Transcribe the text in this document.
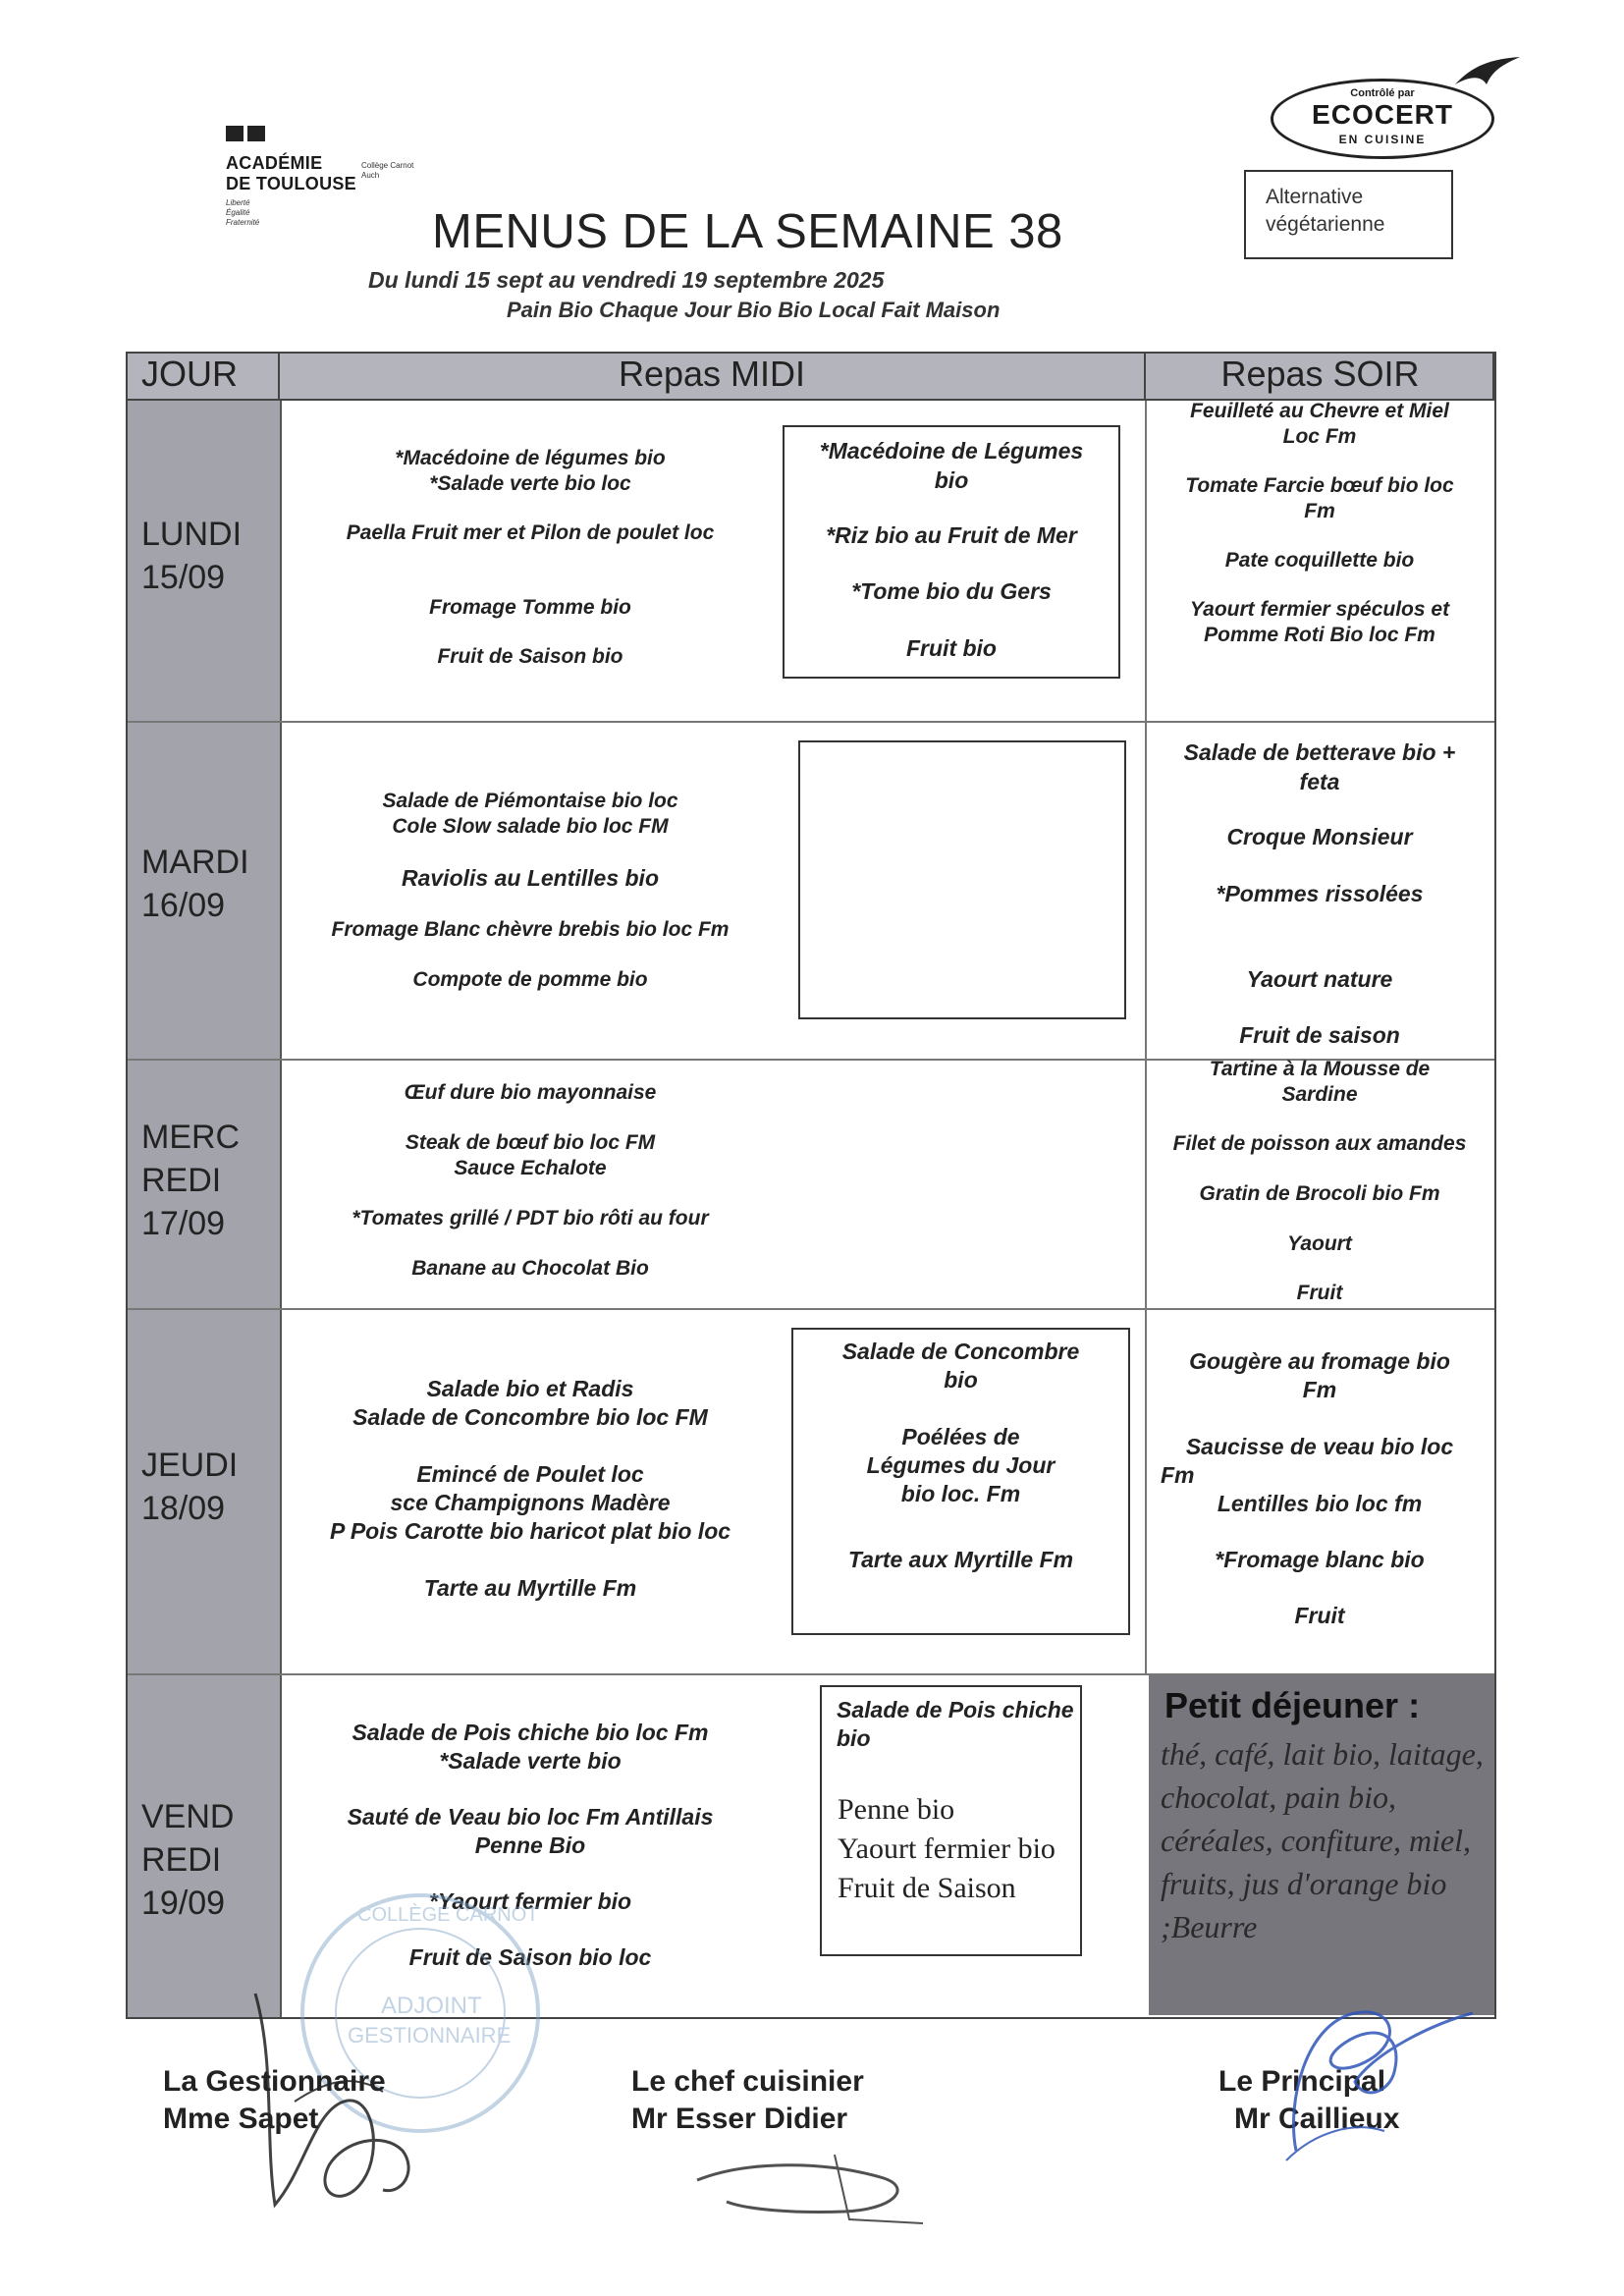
ACADÉMIE
DE TOULOUSE
Collège Carnot
Auch
Liberté
Égalité
Fraternité
Contrôlé par
ECOCERT
EN CUISINE
Alternative
végétarienne
MENUS DE LA SEMAINE 38
Du lundi 15 sept au vendredi 19 septembre 2025
Pain Bio Chaque Jour Bio Bio Local Fait Maison
JOUR	Repas MIDI	Repas SOIR
LUNDI
15/09
MARDI
16/09
MERC
REDI
17/09
JEUDI
18/09
VEND
REDI
19/09
*Macédoine de légumes bio
*Salade verte bio loc
Paella Fruit mer et Pilon de poulet loc
Fromage Tomme bio
Fruit de Saison bio
*Macédoine de Légumes
bio
*Riz bio au Fruit de Mer
*Tome bio du Gers
Fruit bio
Feuilleté au Chevre et Miel
Loc Fm
Tomate Farcie bœuf bio loc
Fm
Pate coquillette bio
Yaourt fermier spéculos et
Pomme Roti Bio loc Fm
Salade de Piémontaise bio loc
Cole Slow salade bio loc FM
Raviolis au Lentilles bio
Fromage Blanc chèvre brebis bio loc Fm
Compote de pomme bio
Salade de betterave bio +
feta
Croque Monsieur
*Pommes rissolées
Yaourt nature
Fruit de saison
Œuf dure bio mayonnaise
Steak de bœuf bio loc FM
Sauce Echalote
*Tomates grillé / PDT bio rôti au four
Banane au Chocolat Bio
Tartine à la Mousse de
Sardine
Filet de poisson aux amandes
Gratin de Brocoli bio Fm
Yaourt
Fruit
Salade bio et Radis
Salade de Concombre bio loc FM
Emincé de Poulet loc
sce Champignons Madère
P Pois Carotte bio haricot plat bio loc
Tarte au Myrtille Fm
Salade de Concombre
bio
Poélées de
Légumes du Jour
bio loc. Fm
Tarte aux Myrtille Fm
Gougère au fromage bio
Fm
Saucisse de veau bio loc
Fm
Lentilles bio loc fm
*Fromage blanc bio
Fruit
Salade de Pois chiche bio loc Fm
*Salade verte bio
Sauté de Veau bio loc Fm Antillais
Penne Bio
*Yaourt fermier bio
Fruit de Saison bio loc
Salade de Pois chiche
bio
Penne bio
Yaourt fermier bio
Fruit de Saison
Petit déjeuner :
thé, café, lait bio, laitage, chocolat, pain bio, céréales, confiture, miel, fruits, jus d'orange bio ;Beurre
COLLÈGE CARNOT
ADJOINT
GESTIONNAIRE
La Gestionnaire
Mme Sapet
Le chef cuisinier
Mr Esser Didier
Le Principal
Mr Caillieux
